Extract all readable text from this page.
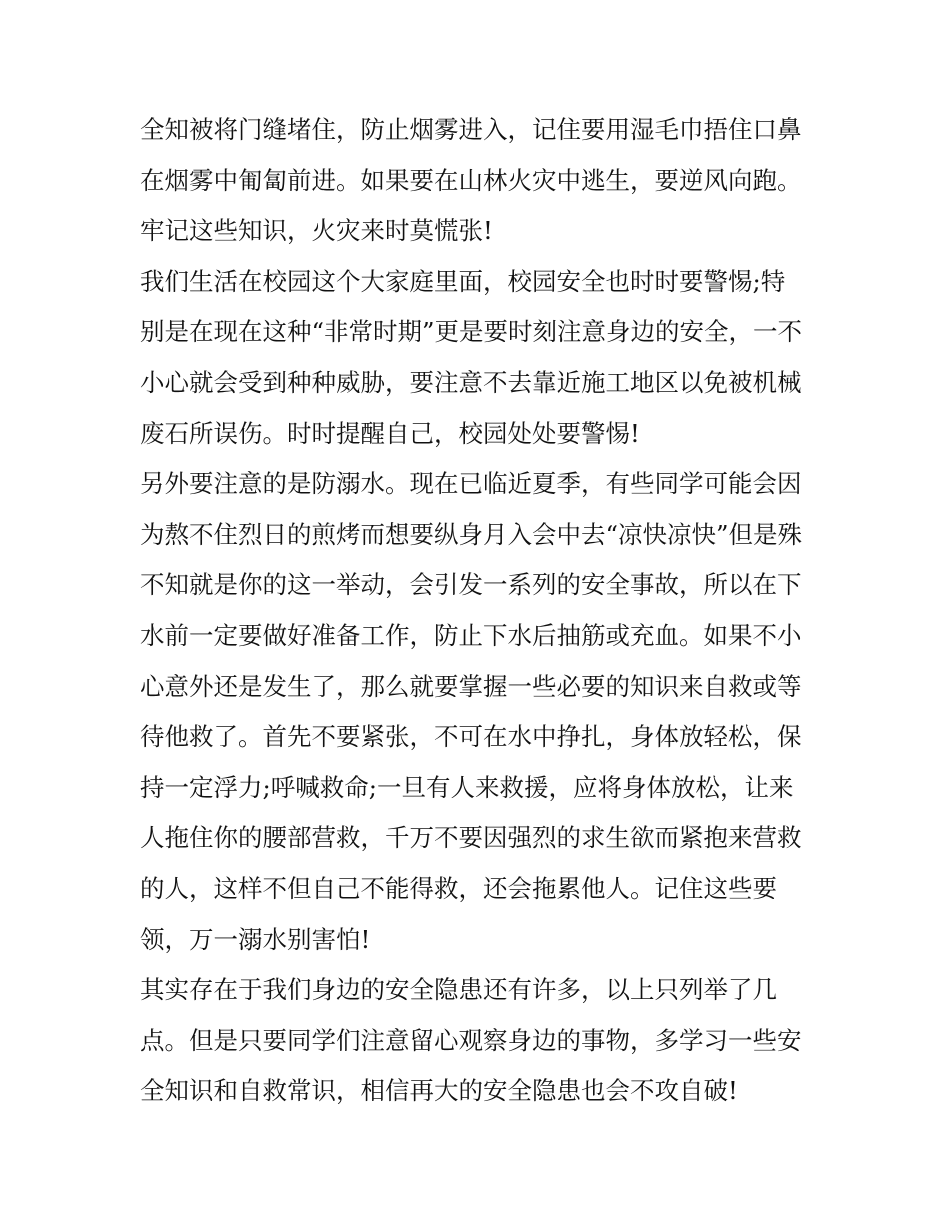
全知被将门缝堵住，防止烟雾进入，记住要用湿毛巾捂住口鼻
在烟雾中匍匐前进。如果要在山林火灾中逃生，要逆风向跑。
牢记这些知识，火灾来时莫慌张!
我们生活在校园这个大家庭里面，校园安全也时时要警惕;特
别是在现在这种“非常时期”更是要时刻注意身边的安全，一不
小心就会受到种种威胁，要注意不去靠近施工地区以免被机械
废石所误伤。时时提醒自己，校园处处要警惕!
另外要注意的是防溺水。现在已临近夏季，有些同学可能会因
为熬不住烈日的煎烤而想要纵身月入会中去“凉快凉快”但是殊
不知就是你的这一举动，会引发一系列的安全事故，所以在下
水前一定要做好准备工作，防止下水后抽筋或充血。如果不小
心意外还是发生了，那么就要掌握一些必要的知识来自救或等
待他救了。首先不要紧张，不可在水中挣扎，身体放轻松，保
持一定浮力;呼喊救命;一旦有人来救援，应将身体放松，让来
人拖住你的腰部营救，千万不要因强烈的求生欲而紧抱来营救
的人，这样不但自己不能得救，还会拖累他人。记住这些要
领，万一溺水别害怕!
其实存在于我们身边的安全隐患还有许多，以上只列举了几
点。但是只要同学们注意留心观察身边的事物，多学习一些安
全知识和自救常识，相信再大的安全隐患也会不攻自破!
